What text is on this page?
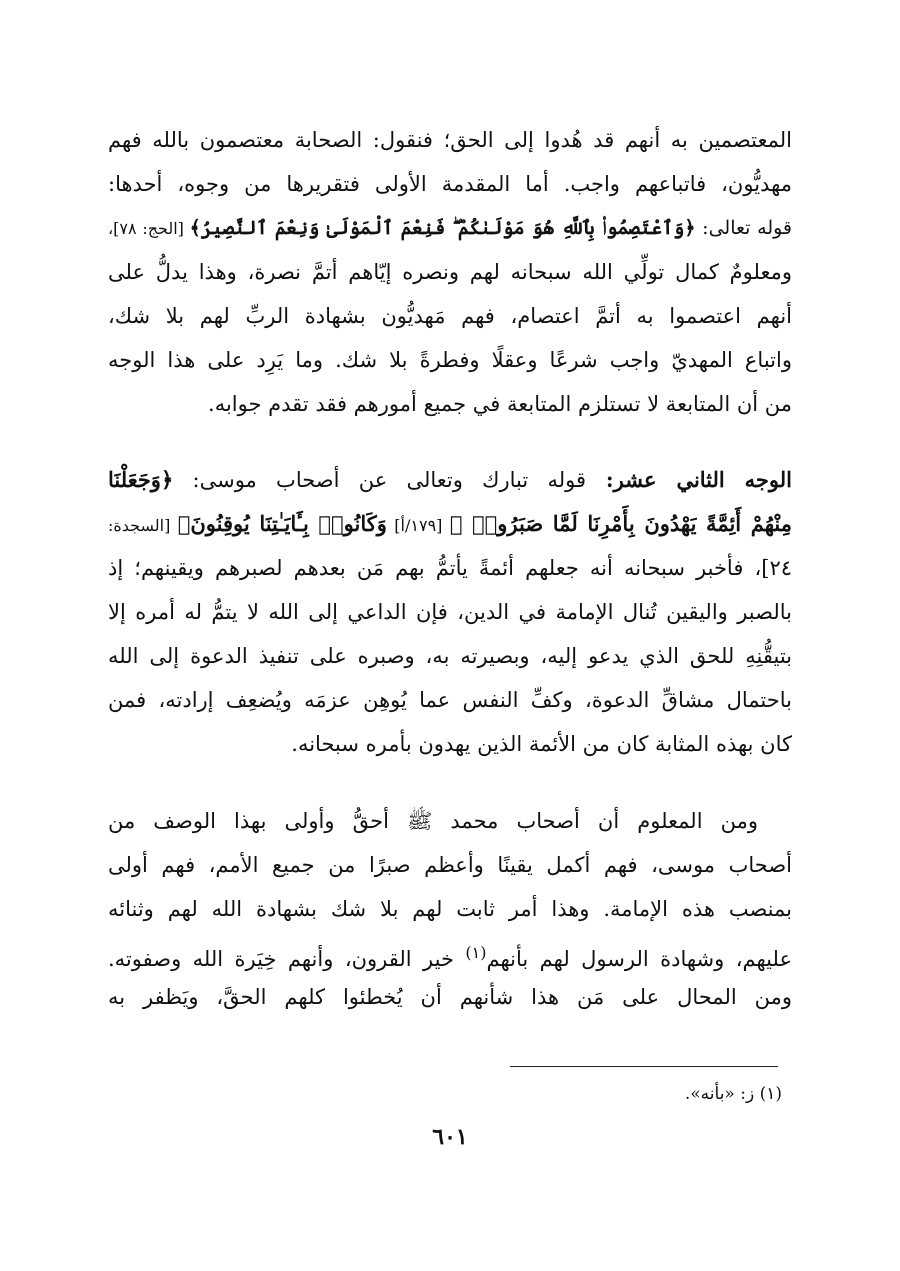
المعتصمين به أنهم قد هُدوا إلى الحق؛ فنقول: الصحابة معتصمون بالله فهم
مهديُّون، فاتباعهم واجب. أما المقدمة الأولى فتقريرها من وجوه، أحدها:
قوله تعالى: ﴿وَٱعْتَصِمُوا۟ بِٱللَّهِ هُوَ مَوْلَىٰكُمْ ۖ فَنِعْمَ ٱلْمَوْلَىٰ وَنِعْمَ ٱلنَّصِيرُ﴾ [الحج: ٧٨]،
ومعلومٌ كمال تولِّي الله سبحانه لهم ونصره إيّاهم أتمَّ نصرة، وهذا يدلُّ على
أنهم اعتصموا به أتمَّ اعتصام، فهم مَهديُّون بشهادة الربِّ لهم بلا شك،
واتباع المهديّ واجب شرعًا وعقلًا وفطرةً بلا شك. وما يَرِد على هذا الوجه
من أن المتابعة لا تستلزم المتابعة في جميع أمورهم فقد تقدم جوابه.
الوجه الثاني عشر: قوله تبارك وتعالى عن أصحاب موسى: ﴿وَجَعَلْنَا
مِنْهُمْ أَئِمَّةً يَهْدُونَ بِأَمْرِنَا لَمَّا صَبَرُوا۟ ۖ [١٧٩/أ] وَكَانُوا۟ بِـَٔايَـٰتِنَا يُوقِنُونَ﴾ [السجدة:
٢٤]، فأخبر سبحانه أنه جعلهم أئمةً يأتمُّ بهم مَن بعدهم لصبرهم ويقينهم؛ إذ
بالصبر واليقين تُنال الإمامة في الدين، فإن الداعي إلى الله لا يتمُّ له أمره إلا
بتيقُّنِهِ للحق الذي يدعو إليه، وبصيرته به، وصبره على تنفيذ الدعوة إلى الله
باحتمال مشاقِّ الدعوة، وكفِّ النفس عما يُوهِن عزمَه ويُضعِف إرادته، فمن
كان بهذه المثابة كان من الأئمة الذين يهدون بأمره سبحانه.
ومن المعلوم أن أصحاب محمد ﷺ أحقُّ وأولى بهذا الوصف من
أصحاب موسى، فهم أكمل يقينًا وأعظم صبرًا من جميع الأمم، فهم أولى
بمنصب هذه الإمامة. وهذا أمر ثابت لهم بلا شك بشهادة الله لهم وثنائه
عليهم، وشهادة الرسول لهم بأنهم$^{(١)}$ خير القرون، وأنهم خِيَرة الله وصفوته.
ومن المحال على مَن هذا شأنهم أن يُخطئوا كلهم الحقَّ، ويَظفر به
(١) ز: «بأنه».
٦٠١
